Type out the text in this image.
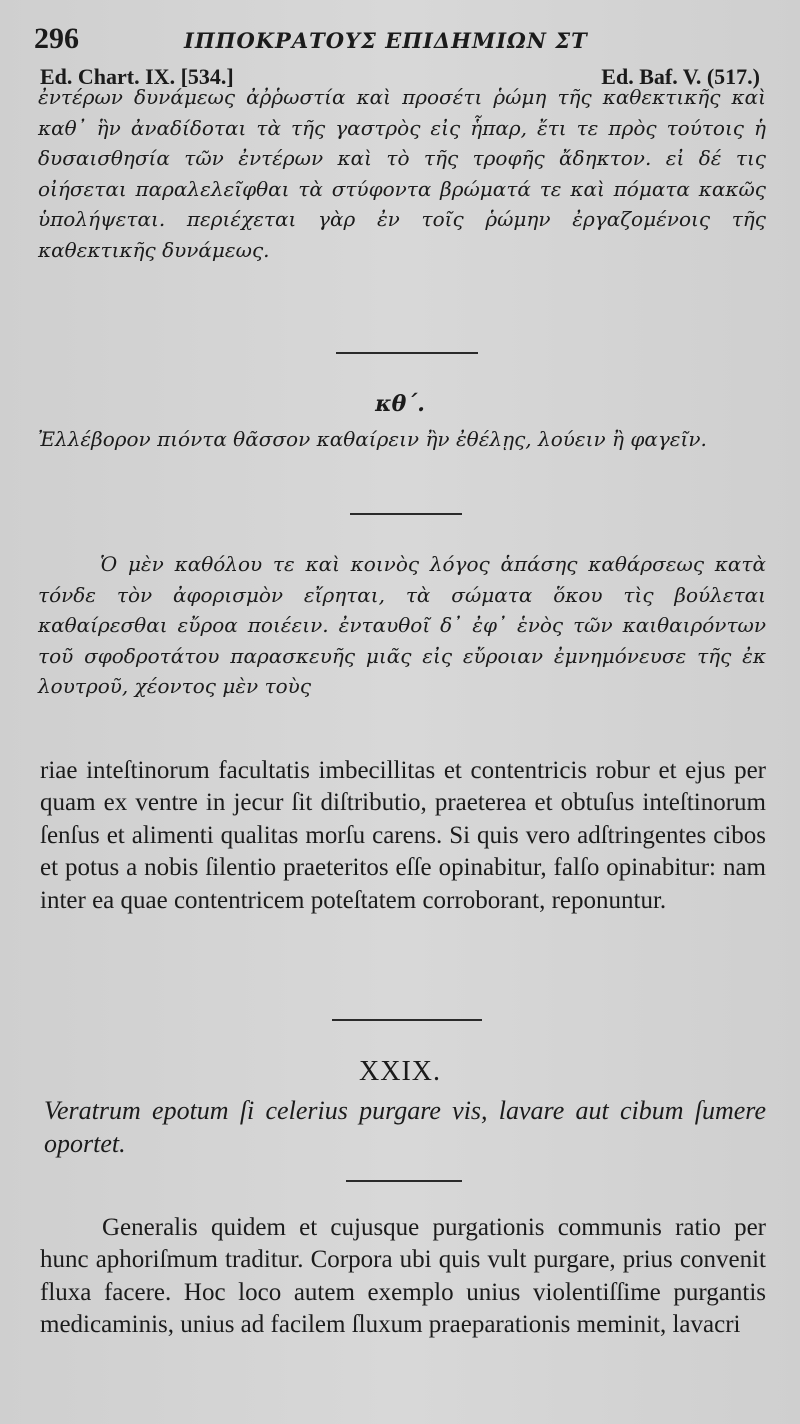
296	ΙΠΠΟΚΡΑΤΟΥΣ ΕΠΙΔΗΜΙΩΝ ΣΤ
Ed. Chart. IX. [534.]	Ed. Baf. V. (517.)

ἐντέρων δυνάμεως ἀῤῥωστία καὶ προσέτι ῥώμη τῆς καθεκτικῆς καὶ καθ᾽ ἣν ἀναδίδοται τὰ τῆς γαστρὸς εἰς ἧπαρ, ἔτι τε πρὸς τούτοις ἡ δυσαισθησία τῶν ἐντέρων καὶ τὸ τῆς τροφῆς ἄδηκτον. εἰ δέ τις οἰήσεται παραλελεῖφθαι τὰ στύφοντα βρώματά τε καὶ πόματα κακῶς ὑπολήψεται. περιέχεται γὰρ ἐν τοῖς ῥώμην ἐργαζομένοις τῆς καθεκτικῆς δυνάμεως.

κθ΄.

Ἐλλέβορον πιόντα θᾶσσον καθαίρειν ἢν ἐθέλῃς, λούειν ἢ φαγεῖν.

Ὁ μὲν καθόλου τε καὶ κοινὸς λόγος ἁπάσης καθάρσεως κατὰ τόνδε τὸν ἀφορισμὸν εἴρηται, τὰ σώματα ὅκου τὶς βούλεται καθαίρεσθαι εὔροα ποιέειν. ἐνταυθοῖ δ᾽ ἐφ᾽ ἑνὸς τῶν καιθαιρόντων τοῦ σφοδροτάτου παρασκευῆς μιᾶς εἰς εὔροιαν ἐμνημόνευσε τῆς ἐκ λουτροῦ, χέοντος μὲν τοὺς

riae inteſtinorum facultatis imbecillitas et contentricis robur et ejus per quam ex ventre in jecur ſit diſtributio, praeterea et obtuſus inteſtinorum ſenſus et alimenti qualitas morſu carens. Si quis vero adſtringentes cibos et potus a nobis ſilentio praeteritos eſſe opinabitur, falſo opinabitur: nam inter ea quae contentricem poteſtatem corroborant, reponuntur.

XXIX.

Veratrum epotum ſi celerius purgare vis, lavare aut cibum ſumere oportet.

Generalis quidem et cujusque purgationis communis ratio per hunc aphoriſmum traditur. Corpora ubi quis vult purgare, prius convenit fluxa facere. Hoc loco autem exemplo unius violentiſſime purgantis medicaminis, unius ad facilem ſluxum praeparationis meminit, lavacri
